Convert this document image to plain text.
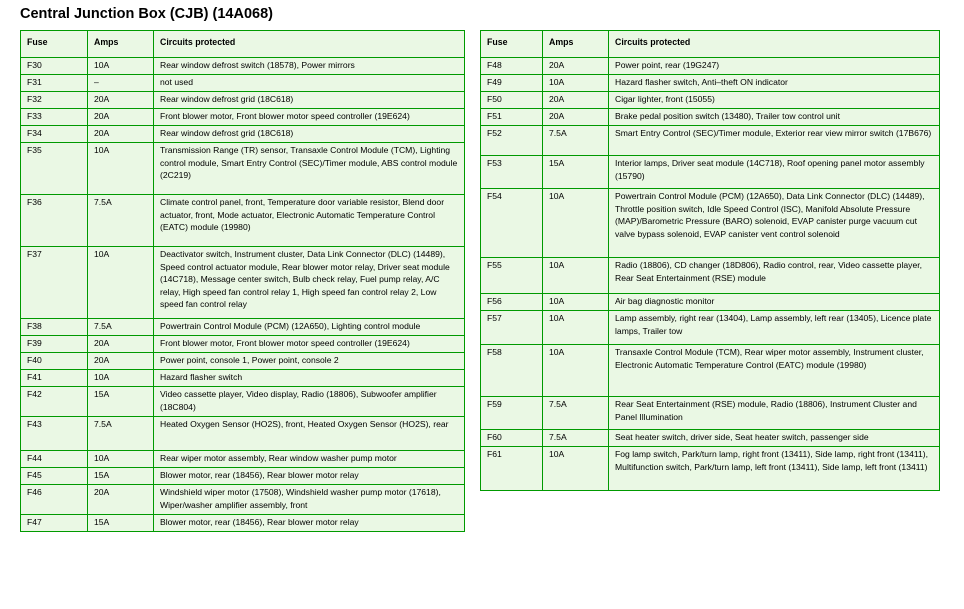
Central Junction Box (CJB) (14A068)
Fuse	Amps	Circuits protected
F30	10A	Rear window defrost switch (18578), Power mirrors
F31	–	not used
F32	20A	Rear window defrost grid (18C618)
F33	20A	Front blower motor, Front blower motor speed controller (19E624)
F34	20A	Rear window defrost grid (18C618)
F35	10A	Transmission Range (TR) sensor, Transaxle Control Module (TCM), Lighting control module, Smart Entry Control (SEC)/Timer module, ABS control module (2C219)
F36	7.5A	Climate control panel, front, Temperature door variable resistor, Blend door actuator, front, Mode actuator, Electronic Automatic Temperature Control (EATC) module (19980)
F37	10A	Deactivator switch, Instrument cluster, Data Link Connector (DLC) (14489), Speed control actuator module, Rear blower motor relay, Driver seat module (14C718), Message center switch, Bulb check relay, Fuel pump relay, A/C relay, High speed fan control relay 1, High speed fan control relay 2, Low speed fan control relay
F38	7.5A	Powertrain Control Module (PCM) (12A650), Lighting control module
F39	20A	Front blower motor, Front blower motor speed controller (19E624)
F40	20A	Power point, console 1, Power point, console 2
F41	10A	Hazard flasher switch
F42	15A	Video cassette player, Video display, Radio (18806), Subwoofer amplifier (18C804)
F43	7.5A	Heated Oxygen Sensor (HO2S), front, Heated Oxygen Sensor (HO2S), rear
F44	10A	Rear wiper motor assembly, Rear window washer pump motor
F45	15A	Blower motor, rear (18456), Rear blower motor relay
F46	20A	Windshield wiper motor (17508), Windshield washer pump motor (17618), Wiper/washer amplifier assembly, front
F47	15A	Blower motor, rear (18456), Rear blower motor relay
Fuse	Amps	Circuits protected
F48	20A	Power point, rear (19G247)
F49	10A	Hazard flasher switch, Anti–theft ON indicator
F50	20A	Cigar lighter, front (15055)
F51	20A	Brake pedal position switch (13480), Trailer tow control unit
F52	7.5A	Smart Entry Control (SEC)/Timer module, Exterior rear view mirror switch (17B676)
F53	15A	Interior lamps, Driver seat module (14C718), Roof opening panel motor assembly (15790)
F54	10A	Powertrain Control Module (PCM) (12A650), Data Link Connector (DLC) (14489), Throttle position switch, Idle Speed Control (ISC), Manifold Absolute Pressure (MAP)/Barometric Pressure (BARO) solenoid, EVAP canister purge vacuum cut valve bypass solenoid, EVAP canister vent control solenoid
F55	10A	Radio (18806), CD changer (18D806), Radio control, rear, Video cassette player, Rear Seat Entertainment (RSE) module
F56	10A	Air bag diagnostic monitor
F57	10A	Lamp assembly, right rear (13404), Lamp assembly, left rear (13405), Licence plate lamps, Trailer tow
F58	10A	Transaxle Control Module (TCM), Rear wiper motor assembly, Instrument cluster, Electronic Automatic Temperature Control (EATC) module (19980)
F59	7.5A	Rear Seat Entertainment (RSE) module, Radio (18806), Instrument Cluster and Panel Illumination
F60	7.5A	Seat heater switch, driver side, Seat heater switch, passenger side
F61	10A	Fog lamp switch, Park/turn lamp, right front (13411), Side lamp, right front (13411), Multifunction switch, Park/turn lamp, left front (13411), Side lamp, left front (13411)
